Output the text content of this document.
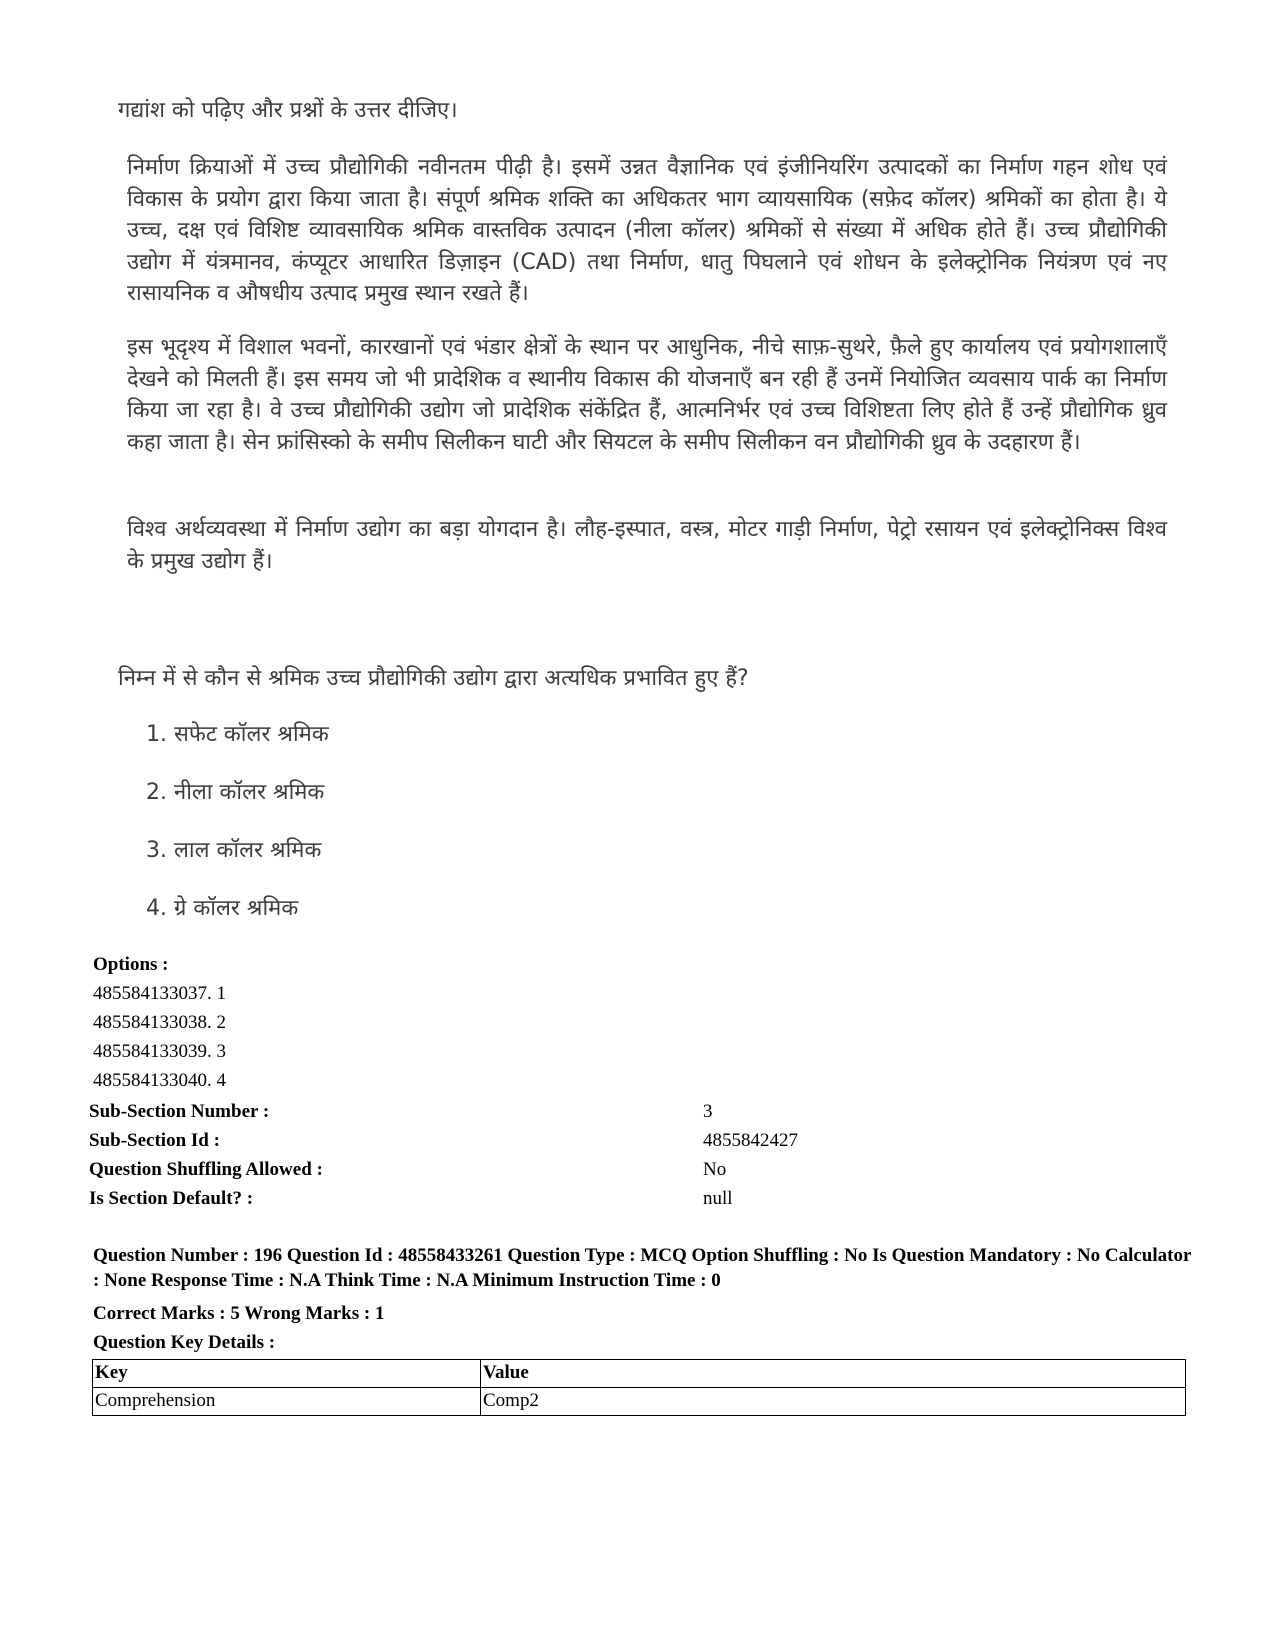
गद्यांश को पढ़िए और प्रश्नों के उत्तर दीजिए।

निर्माण क्रियाओं में उच्च प्रौद्योगिकी नवीनतम पीढ़ी है। इसमें उन्नत वैज्ञानिक एवं इंजीनियरिंग उत्पादकों का निर्माण गहन शोध एवं विकास के प्रयोग द्वारा किया जाता है। संपूर्ण श्रमिक शक्ति का अधिकतर भाग व्यायसायिक (सफ़ेद कॉलर) श्रमिकों का होता है। ये उच्च, दक्ष एवं विशिष्ट व्यावसायिक श्रमिक वास्तविक उत्पादन (नीला कॉलर) श्रमिकों से संख्या में अधिक होते हैं। उच्च प्रौद्योगिकी उद्योग में यंत्रमानव, कंप्यूटर आधारित डिज़ाइन (CAD) तथा निर्माण, धातु पिघलाने एवं शोधन के इलेक्ट्रोनिक नियंत्रण एवं नए रासायनिक व औषधीय उत्पाद प्रमुख स्थान रखते हैं।

इस भूदृश्य में विशाल भवनों, कारखानों एवं भंडार क्षेत्रों के स्थान पर आधुनिक, नीचे साफ़-सुथरे, फ़ैले हुए कार्यालय एवं प्रयोगशालाएँ देखने को मिलती हैं। इस समय जो भी प्रादेशिक व स्थानीय विकास की योजनाएँ बन रही हैं उनमें नियोजित व्यवसाय पार्क का निर्माण किया जा रहा है। वे उच्च प्रौद्योगिकी उद्योग जो प्रादेशिक संकेंद्रित हैं, आत्मनिर्भर एवं उच्च विशिष्टता लिए होते हैं उन्हें प्रौद्योगिक ध्रुव कहा जाता है। सेन फ्रांसिस्को के समीप सिलीकन घाटी और सियटल के समीप सिलीकन वन प्रौद्योगिकी ध्रुव के उदहारण हैं।

विश्व अर्थव्यवस्था में निर्माण उद्योग का बड़ा योगदान है। लौह-इस्पात, वस्त्र, मोटर गाड़ी निर्माण, पेट्रो रसायन एवं इलेक्ट्रोनिक्स विश्व के प्रमुख उद्योग हैं।

निम्न में से कौन से श्रमिक उच्च प्रौद्योगिकी उद्योग द्वारा अत्यधिक प्रभावित हुए हैं?
1. सफेट कॉलर श्रमिक
2. नीला कॉलर श्रमिक
3. लाल कॉलर श्रमिक
4. ग्रे कॉलर श्रमिक
Options :
485584133037. 1
485584133038. 2
485584133039. 3
485584133040. 4
Sub-Section Number :	3
Sub-Section Id :	4855842427
Question Shuffling Allowed :	No
Is Section Default? :	null
Question Number : 196 Question Id : 48558433261 Question Type : MCQ Option Shuffling : No Is Question Mandatory : No Calculator : None Response Time : N.A Think Time : N.A Minimum Instruction Time : 0
Correct Marks : 5 Wrong Marks : 1
Question Key Details :
Key	Value
Comprehension	Comp2
